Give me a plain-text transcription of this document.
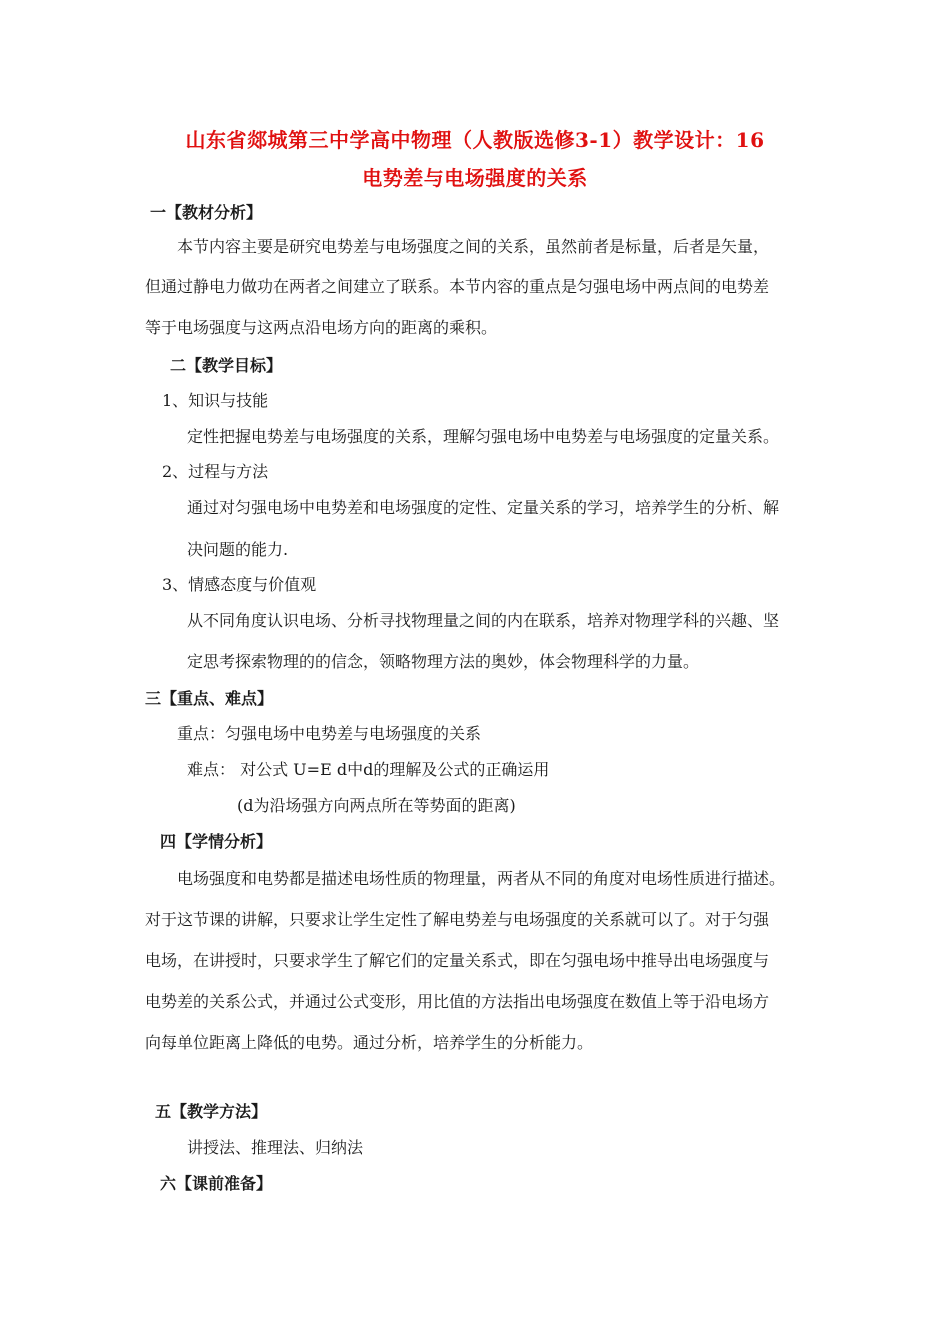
山东省郯城第三中学高中物理（人教版选修3-1）教学设计：16
电势差与电场强度的关系
一【教材分析】
本节内容主要是研究电势差与电场强度之间的关系，虽然前者是标量，后者是矢量，
但通过静电力做功在两者之间建立了联系。本节内容的重点是匀强电场中两点间的电势差
等于电场强度与这两点沿电场方向的距离的乘积。
二【教学目标】
1、知识与技能
定性把握电势差与电场强度的关系，理解匀强电场中电势差与电场强度的定量关系。
2、过程与方法
通过对匀强电场中电势差和电场强度的定性、定量关系的学习，培养学生的分析、解
决问题的能力.
3、情感态度与价值观
从不同角度认识电场、分析寻找物理量之间的内在联系，培养对物理学科的兴趣、坚
定思考探索物理的的信念，领略物理方法的奥妙，体会物理科学的力量。
三【重点、难点】
重点：匀强电场中电势差与电场强度的关系
难点： 对公式 U=E d中d的理解及公式的正确运用
(d为沿场强方向两点所在等势面的距离)
四【学情分析】
电场强度和电势都是描述电场性质的物理量，两者从不同的角度对电场性质进行描述。
对于这节课的讲解，只要求让学生定性了解电势差与电场强度的关系就可以了。对于匀强
电场，在讲授时，只要求学生了解它们的定量关系式，即在匀强电场中推导出电场强度与
电势差的关系公式，并通过公式变形，用比值的方法指出电场强度在数值上等于沿电场方
向每单位距离上降低的电势。通过分析，培养学生的分析能力。
五【教学方法】
讲授法、推理法、归纳法
六【课前准备】
